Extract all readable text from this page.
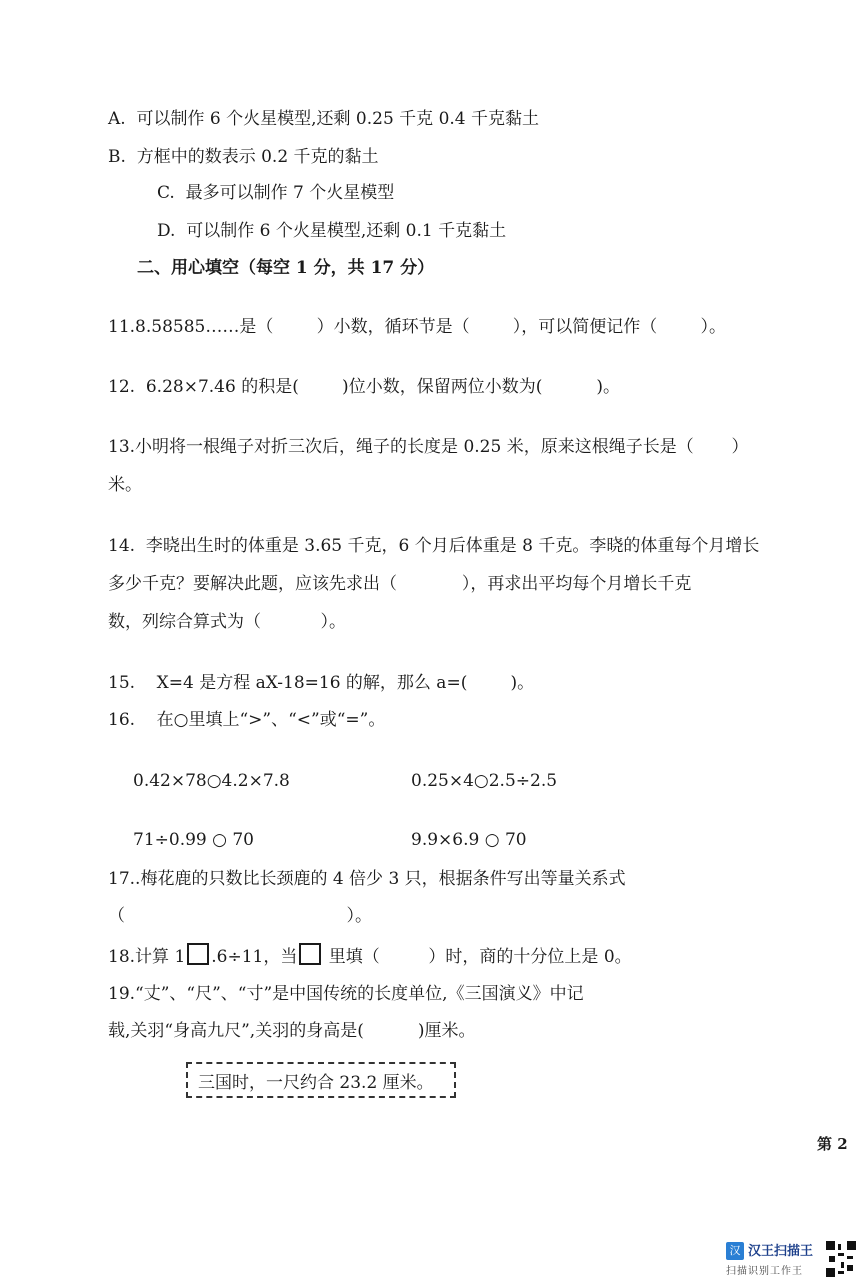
A.  可以制作 6 个火星模型,还剩 0.25 千克 0.4 千克黏土
B.  方框中的数表示 0.2 千克的黏土
C.  最多可以制作 7 个火星模型
D.  可以制作 6 个火星模型,还剩 0.1 千克黏土
二、用心填空（每空 1 分，共 17 分）
11.8.58585……是（        ）小数，循环节是（        ），可以简便记作（        ）。
12.  6.28×7.46 的积是(        )位小数，保留两位小数为(          )。
13.小明将一根绳子对折三次后，绳子的长度是 0.25 米，原来这根绳子长是（       ）
米。
14.  李晓出生时的体重是 3.65 千克，6 个月后体重是 8 千克。李晓的体重每个月增长
多少千克？要解决此题，应该先求出（            ），再求出平均每个月增长千克
数，列综合算式为（           ）。
15.    X=4 是方程 aX-18=16 的解，那么 a=(        )。
16.    在○里填上“>”、“<”或“=”。
0.42×78○4.2×7.8	0.25×4○2.5÷2.5
71÷0.99 ○ 70	9.9×6.9 ○ 70
17..梅花鹿的只数比长颈鹿的 4 倍少 3 只，根据条件写出等量关系式
（                                         ）。
18.计算 1 .6÷11，当 里填（         ）时，商的十分位上是 0。
19.“丈”、“尺”、“寸”是中国传统的长度单位,《三国演义》中记
载,关羽“身高九尺”,关羽的身高是(          )厘米。
三国时，一尺约合 23.2 厘米。
第 2
汉 汉王扫描王
扫描识别工作王
